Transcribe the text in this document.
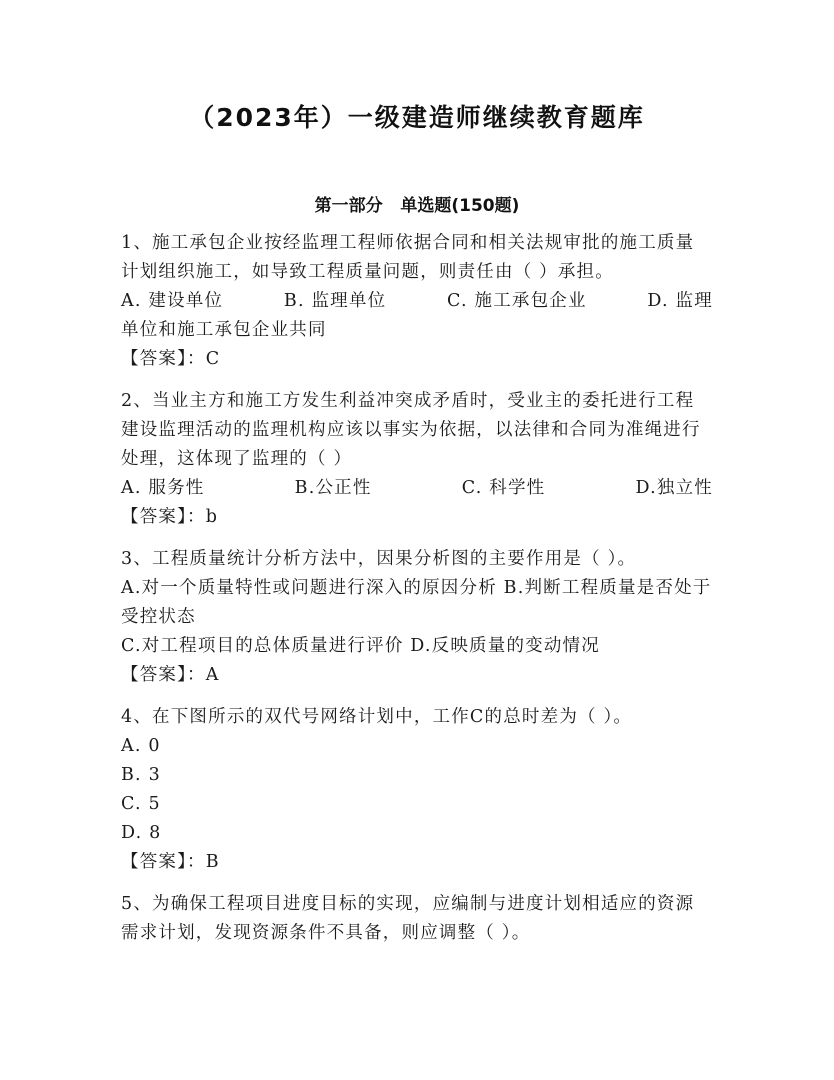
（2023年）一级建造师继续教育题库
第一部分   单选题(150题)
1、施工承包企业按经监理工程师依据合同和相关法规审批的施工质量计划组织施工，如导致工程质量问题，则责任由（ ）承担。
A. 建设单位	B. 监理单位	C. 施工承包企业	D. 监理
单位和施工承包企业共同
【答案】：C
2、当业主方和施工方发生利益冲突成矛盾时，受业主的委托进行工程建设监理活动的监理机构应该以事实为依据，以法律和合同为准绳进行处理，这体现了监理的（ ）
A. 服务性	B.公正性	C. 科学性	D.独立性
【答案】：b
3、工程质量统计分析方法中，因果分析图的主要作用是（ ）。
A.对一个质量特性或问题进行深入的原因分析 B.判断工程质量是否处于受控状态
C.对工程项目的总体质量进行评价 D.反映质量的变动情况
【答案】：A
4、在下图所示的双代号网络计划中，工作C的总时差为（ ）。
A. 0
B. 3
C. 5
D. 8
【答案】：B
5、为确保工程项目进度目标的实现，应编制与进度计划相适应的资源需求计划，发现资源条件不具备，则应调整（ ）。
